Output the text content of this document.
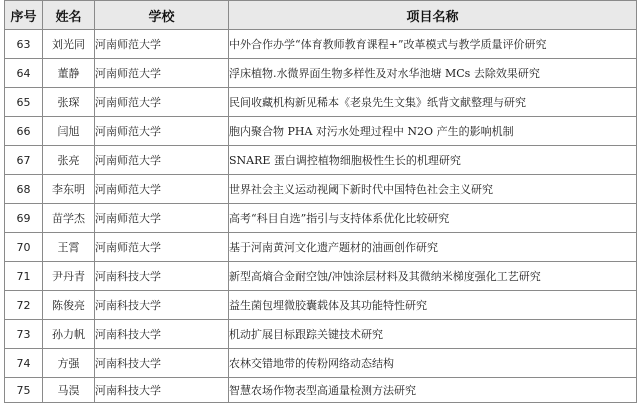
序号	姓名	学校	项目名称
63	刘光同	河南师范大学	中外合作办学“体育教师教育课程+”改革模式与教学质量评价研究
64	董静	河南师范大学	浮床植物.水微界面生物多样性及对水华池塘 MCs 去除效果研究
65	张琛	河南师范大学	民间收藏机构新见稀本《老泉先生文集》纸背文献整理与研究
66	闫旭	河南师范大学	胞内聚合物 PHA 对污水处理过程中 N2O 产生的影响机制
67	张亮	河南师范大学	SNARE 蛋白调控植物细胞极性生长的机理研究
68	李东明	河南师范大学	世界社会主义运动视阈下新时代中国特色社会主义研究
69	苗学杰	河南师范大学	高考“科目自选”指引与支持体系优化比较研究
70	王霄	河南师范大学	基于河南黄河文化遗产题材的油画创作研究
71	尹丹青	河南科技大学	新型高熵合金耐空蚀/冲蚀涂层材料及其微纳米梯度强化工艺研究
72	陈俊亮	河南科技大学	益生菌包埋微胶囊载体及其功能特性研究
73	孙力帆	河南科技大学	机动扩展目标跟踪关键技术研究
74	方强	河南科技大学	农林交错地带的传粉网络动态结构
75	马淏	河南科技大学	智慧农场作物表型高通量检测方法研究
